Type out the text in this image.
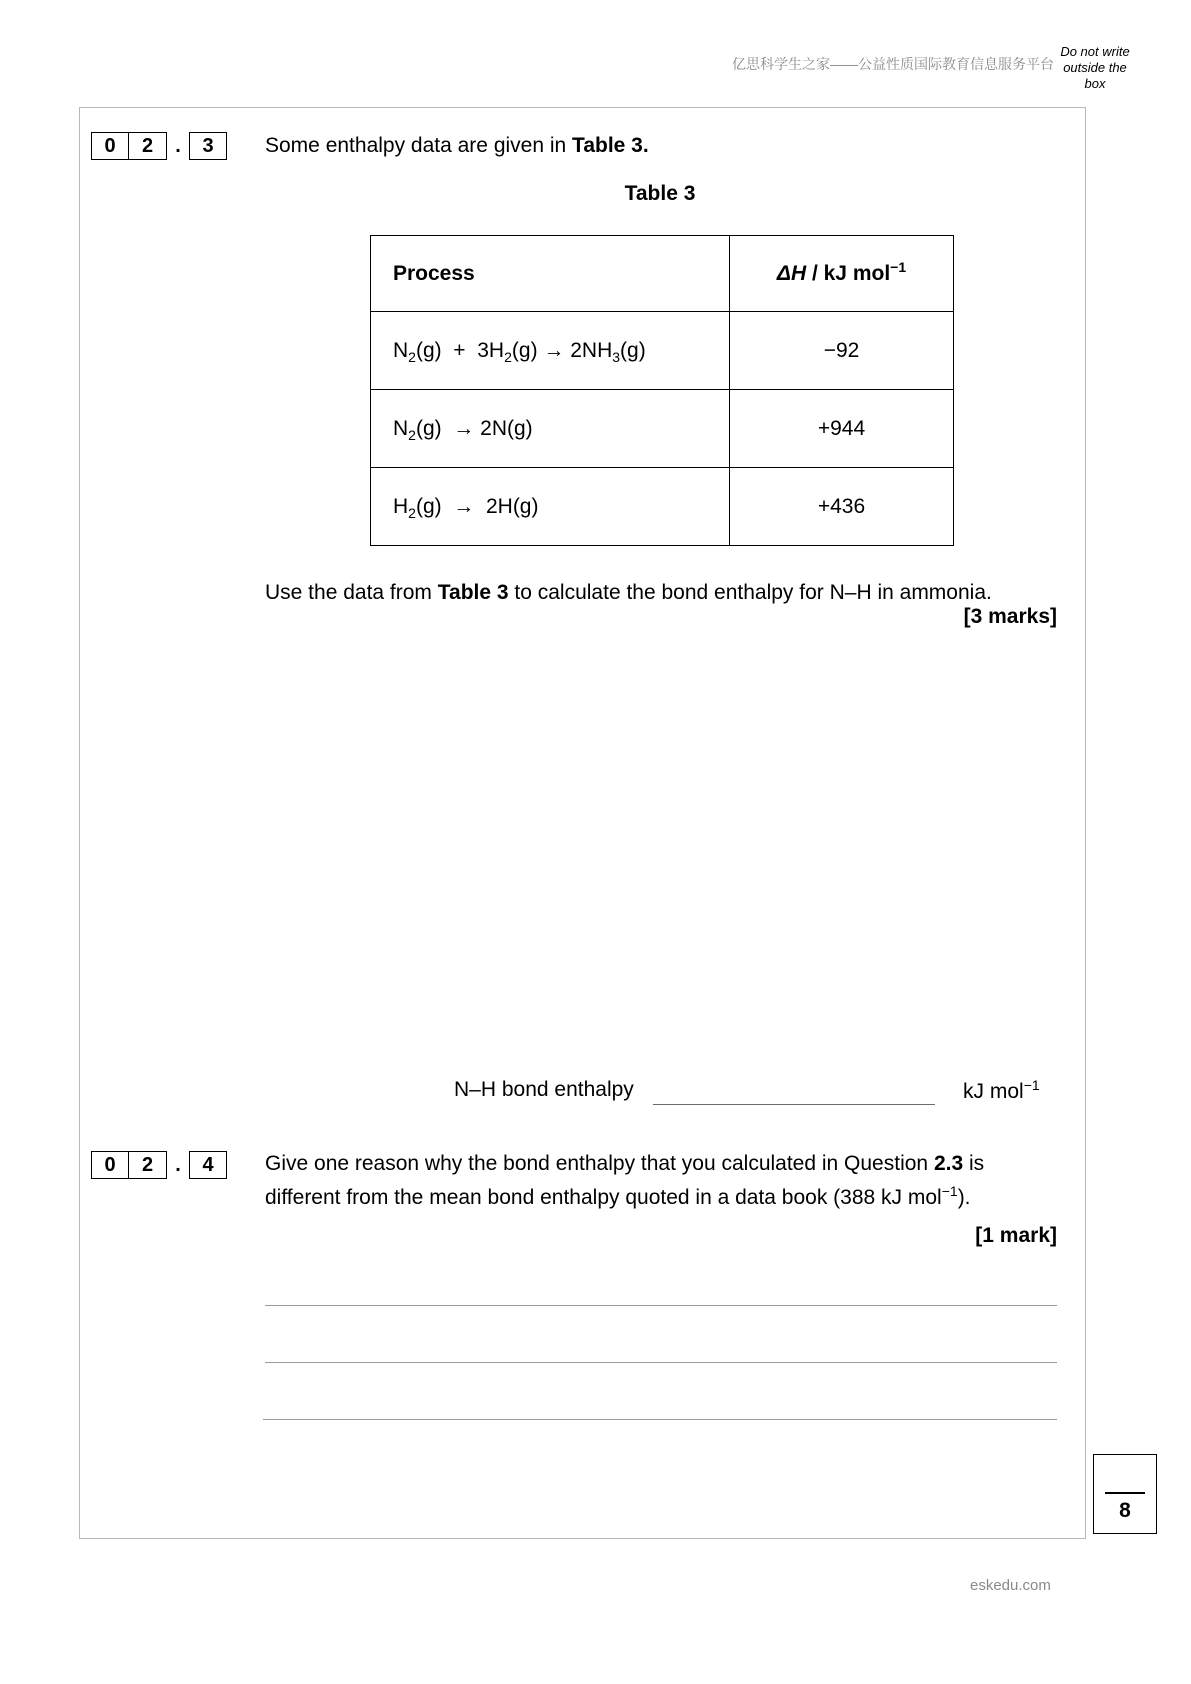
亿思科学生之家——公益性质国际教育信息服务平台
Do not write
outside the
box
0	2	.	3	Some enthalpy data are given in Table 3.
Table 3
Process	ΔH / kJ mol$^{-1}$
$N_2(g) + 3H_2(g) \to 2NH_3(g)$	−92
$N_2(g) \to 2N(g)$	+944
$H_2(g) \to 2H(g)$	+436
Use the data from Table 3 to calculate the bond enthalpy for N–H in ammonia.
[3 marks]
N–H bond enthalpy	kJ mol$^{-1}$
0	2	.	4	Give one reason why the bond enthalpy that you calculated in Question 2.3 is
different from the mean bond enthalpy quoted in a data book (388 kJ mol$^{-1}$).
[1 mark]
8
eskedu.com
